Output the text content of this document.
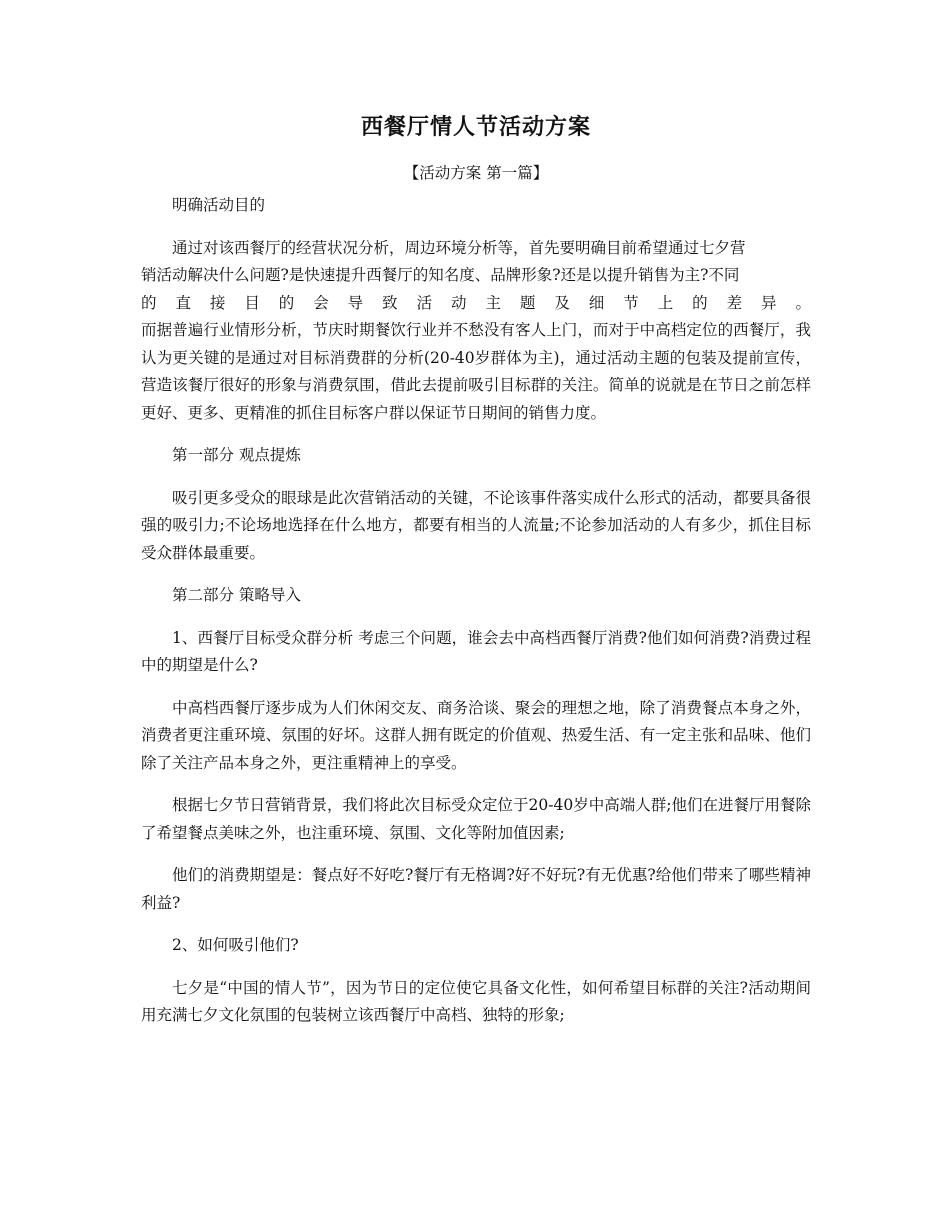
西餐厅情人节活动方案
【活动方案 第一篇】

明确活动目的

通过对该西餐厅的经营状况分析，周边环境分析等，首先要明确目前希望通过七夕营

销活动解决什么问题?是快速提升西餐厅的知名度、品牌形象?还是以提升销售为主?不同

的 直 接 目 的 会 导 致 活 动 主 题 及 细 节 上 的 差 异 。

而据普遍行业情形分析，节庆时期餐饮行业并不愁没有客人上门，而对于中高档定位的西餐厅，我认为更关键的是通过对目标消费群的分析(20-40岁群体为主)，通过活动主题的包装及提前宣传，营造该餐厅很好的形象与消费氛围，借此去提前吸引目标群的关注。简单的说就是在节日之前怎样更好、更多、更精准的抓住目标客户群以保证节日期间的销售力度。

第一部分 观点提炼

吸引更多受众的眼球是此次营销活动的关键，不论该事件落实成什么形式的活动，都要具备很强的吸引力;不论场地选择在什么地方，都要有相当的人流量;不论参加活动的人有多少，抓住目标受众群体最重要。

第二部分 策略导入

1、西餐厅目标受众群分析 考虑三个问题，谁会去中高档西餐厅消费?他们如何消费?消费过程中的期望是什么?

中高档西餐厅逐步成为人们休闲交友、商务洽谈、聚会的理想之地，除了消费餐点本身之外，消费者更注重环境、氛围的好坏。这群人拥有既定的价值观、热爱生活、有一定主张和品味、他们除了关注产品本身之外，更注重精神上的享受。

根据七夕节日营销背景，我们将此次目标受众定位于20-40岁中高端人群;他们在进餐厅用餐除了希望餐点美味之外，也注重环境、氛围、文化等附加值因素;

他们的消费期望是：餐点好不好吃?餐厅有无格调?好不好玩?有无优惠?给他们带来了哪些精神利益?

2、如何吸引他们?

七夕是“中国的情人节”，因为节日的定位使它具备文化性，如何希望目标群的关注?活动期间用充满七夕文化氛围的包装树立该西餐厅中高档、独特的形象;
